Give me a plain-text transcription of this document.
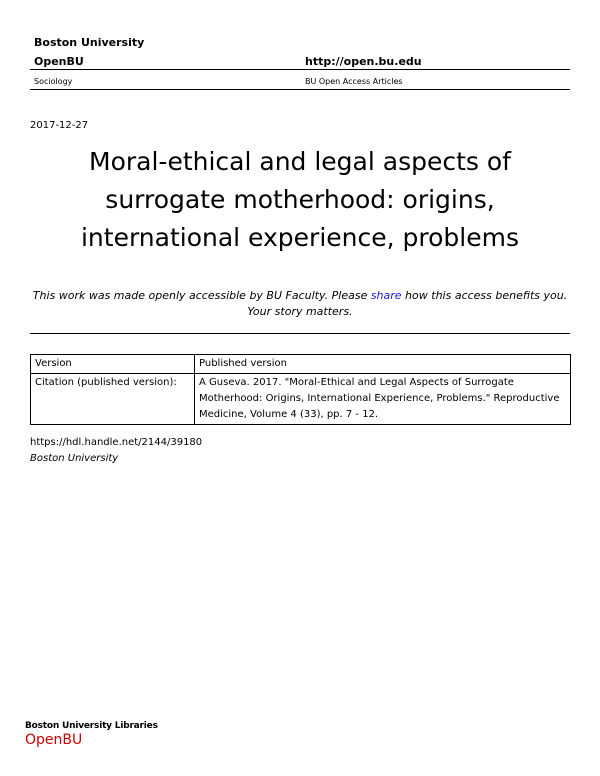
Boston University
OpenBU	http://open.bu.edu
Sociology	BU Open Access Articles
2017-12-27
Moral-ethical and legal aspects of surrogate motherhood: origins, international experience, problems
This work was made openly accessible by BU Faculty. Please share how this access benefits you. Your story matters.
Version	Published version
Citation (published version):	A Guseva. 2017. "Moral-Ethical and Legal Aspects of Surrogate Motherhood: Origins, International Experience, Problems." Reproductive Medicine, Volume 4 (33), pp. 7 - 12.
https://hdl.handle.net/2144/39180
Boston University
Boston University Libraries
OpenBU
